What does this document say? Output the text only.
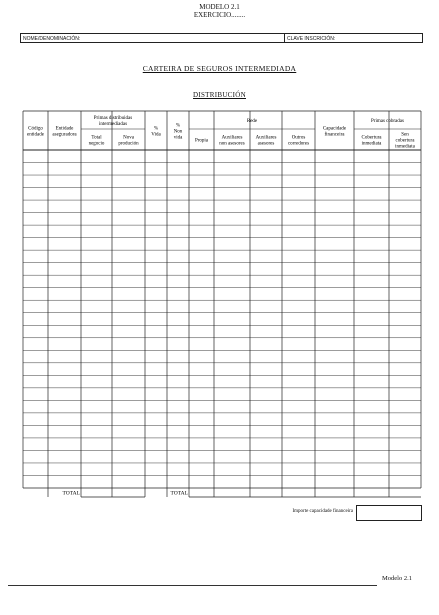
MODELO 2.1
EXERCICIO........
NOME/DENOMINACIÓN:	CLAVE INSCRICIÓN:
CARTEIRA DE SEGUROS INTERMEDIADA
DISTRIBUCIÓN
Código entidade
Entidade aseguradora
Primas distribuidas intermediadas
Total negocio
Nova produción
% Vida
% Non vida
Rede
Propia
Auxiliares non asesores
Auxiliares asesores
Outros corredores
Capacidade financeira
Primas cobradas
Cobertura inmediata
Sen cobertura inmediata
TOTAL	TOTAL
Importe capacidade financeira
Modelo 2.1
